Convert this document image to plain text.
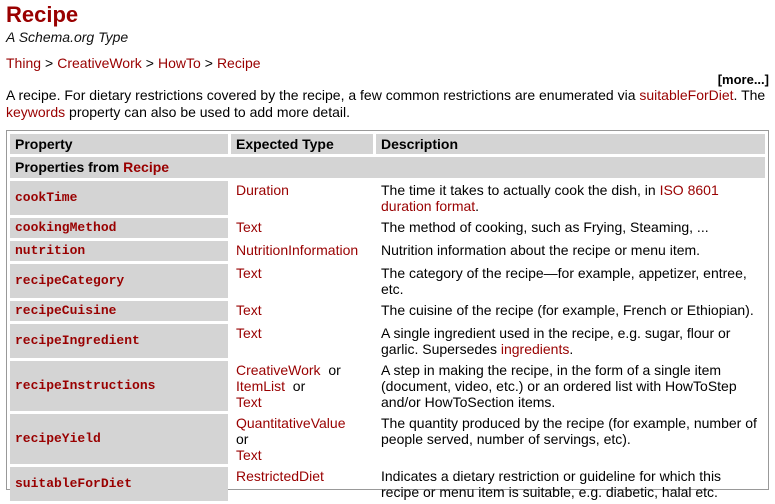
Recipe
A Schema.org Type
Thing > CreativeWork > HowTo > Recipe
[more...]

A recipe. For dietary restrictions covered by the recipe, a few common restrictions are enumerated via suitableForDiet. The keywords property can also be used to add more detail.

Property	Expected Type	Description
Properties from Recipe		
cookTime	Duration	The time it takes to actually cook the dish, in ISO 8601 duration format.
cookingMethod	Text	The method of cooking, such as Frying, Steaming, ...
nutrition	NutritionInformation	Nutrition information about the recipe or menu item.
recipeCategory	Text	The category of the recipe—for example, appetizer, entree, etc.
recipeCuisine	Text	The cuisine of the recipe (for example, French or Ethiopian).
recipeIngredient	Text	A single ingredient used in the recipe, e.g. sugar, flour or garlic. Supersedes ingredients.
recipeInstructions	CreativeWork or
ItemList or
Text	A step in making the recipe, in the form of a single item (document, video, etc.) or an ordered list with HowToStep and/or HowToSection items.
recipeYield	QuantitativeValue
or
Text	The quantity produced by the recipe (for example, number of people served, number of servings, etc).
suitableForDiet	RestrictedDiet	Indicates a dietary restriction or guideline for which this recipe or menu item is suitable, e.g. diabetic, halal etc.
